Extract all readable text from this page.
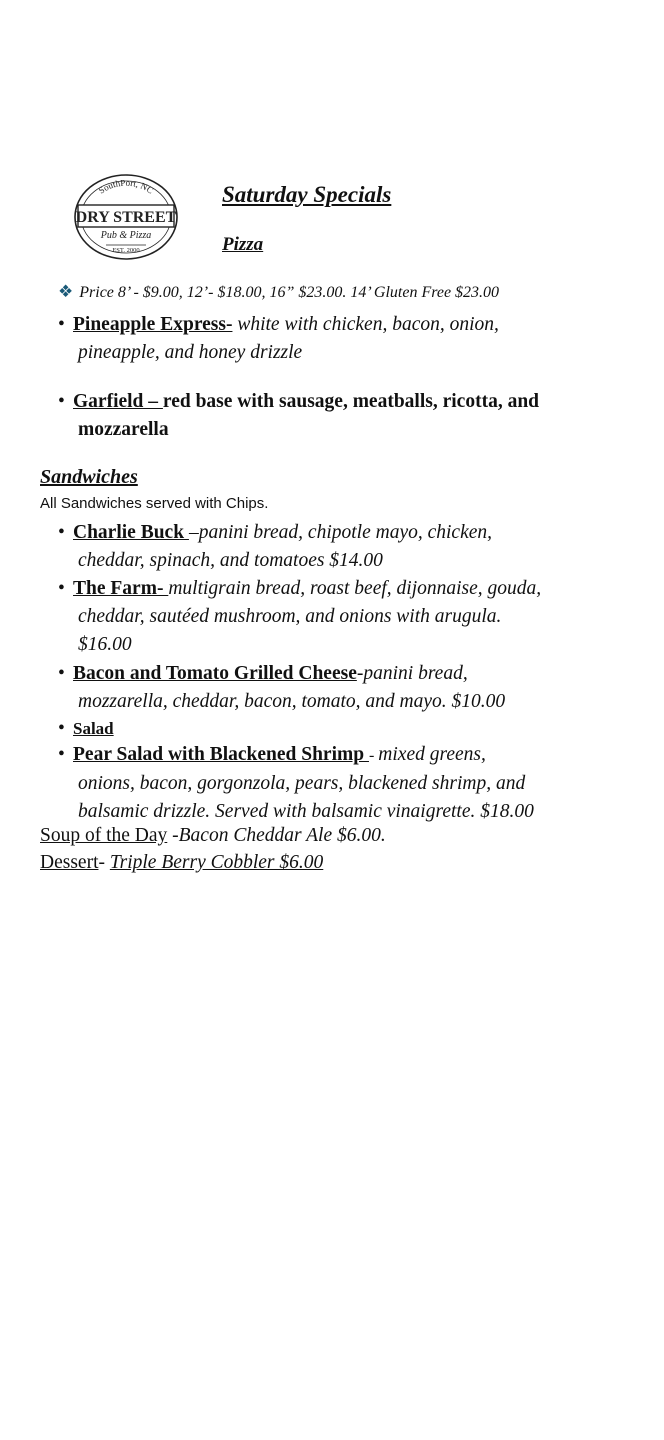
SouthPort, NC
DRY STREET
Pub & Pizza
EST. 2000
Saturday Specials
Pizza
❖ Price 8’ - $9.00, 12’- $18.00, 16” $23.00. 14’ Gluten Free $23.00
• Pineapple Express- white with chicken, bacon, onion,
pineapple, and honey drizzle
• Garfield – red base with sausage, meatballs, ricotta, and
mozzarella
Sandwiches
All Sandwiches served with Chips.
• Charlie Buck –panini bread, chipotle mayo, chicken,
cheddar, spinach, and tomatoes $14.00
• The Farm- multigrain bread, roast beef, dijonnaise, gouda,
cheddar, sautéed mushroom, and onions with arugula.
$16.00
• Bacon and Tomato Grilled Cheese-panini bread,
mozzarella, cheddar, bacon, tomato, and mayo. $10.00
• Salad
• Pear Salad with Blackened Shrimp - mixed greens,
onions, bacon, gorgonzola, pears, blackened shrimp, and
balsamic drizzle. Served with balsamic vinaigrette. $18.00
Soup of the Day -Bacon Cheddar Ale $6.00.
Dessert- Triple Berry Cobbler $6.00
